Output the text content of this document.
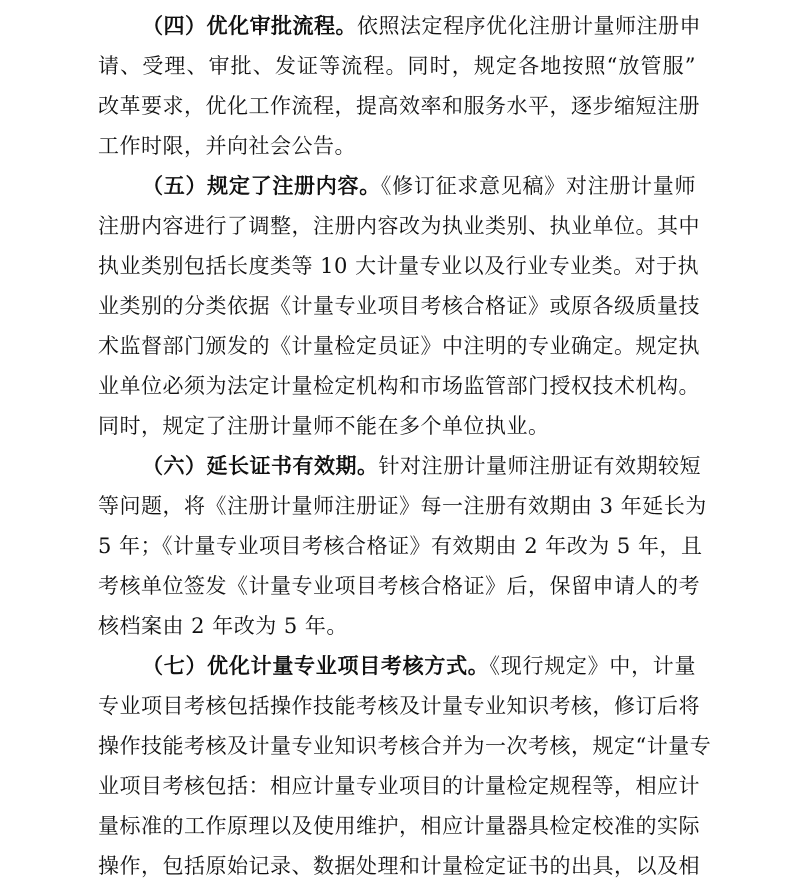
（四）优化审批流程。依照法定程序优化注册计量师注册申
请、受理、审批、发证等流程。同时，规定各地按照“放管服”
改革要求，优化工作流程，提高效率和服务水平，逐步缩短注册
工作时限，并向社会公告。
（五）规定了注册内容。《修订征求意见稿》对注册计量师
注册内容进行了调整，注册内容改为执业类别、执业单位。其中
执业类别包括长度类等 10 大计量专业以及行业专业类。对于执
业类别的分类依据《计量专业项目考核合格证》或原各级质量技
术监督部门颁发的《计量检定员证》中注明的专业确定。规定执
业单位必须为法定计量检定机构和市场监管部门授权技术机构。
同时，规定了注册计量师不能在多个单位执业。
（六）延长证书有效期。针对注册计量师注册证有效期较短
等问题，将《注册计量师注册证》每一注册有效期由 3 年延长为
5 年；《计量专业项目考核合格证》有效期由 2 年改为 5 年，且
考核单位签发《计量专业项目考核合格证》后，保留申请人的考
核档案由 2 年改为 5 年。
（七）优化计量专业项目考核方式。《现行规定》中，计量
专业项目考核包括操作技能考核及计量专业知识考核，修订后将
操作技能考核及计量专业知识考核合并为一次考核，规定“计量专
业项目考核包括：相应计量专业项目的计量检定规程等，相应计
量标准的工作原理以及使用维护，相应计量器具检定校准的实际
操作，包括原始记录、数据处理和计量检定证书的出具，以及相
